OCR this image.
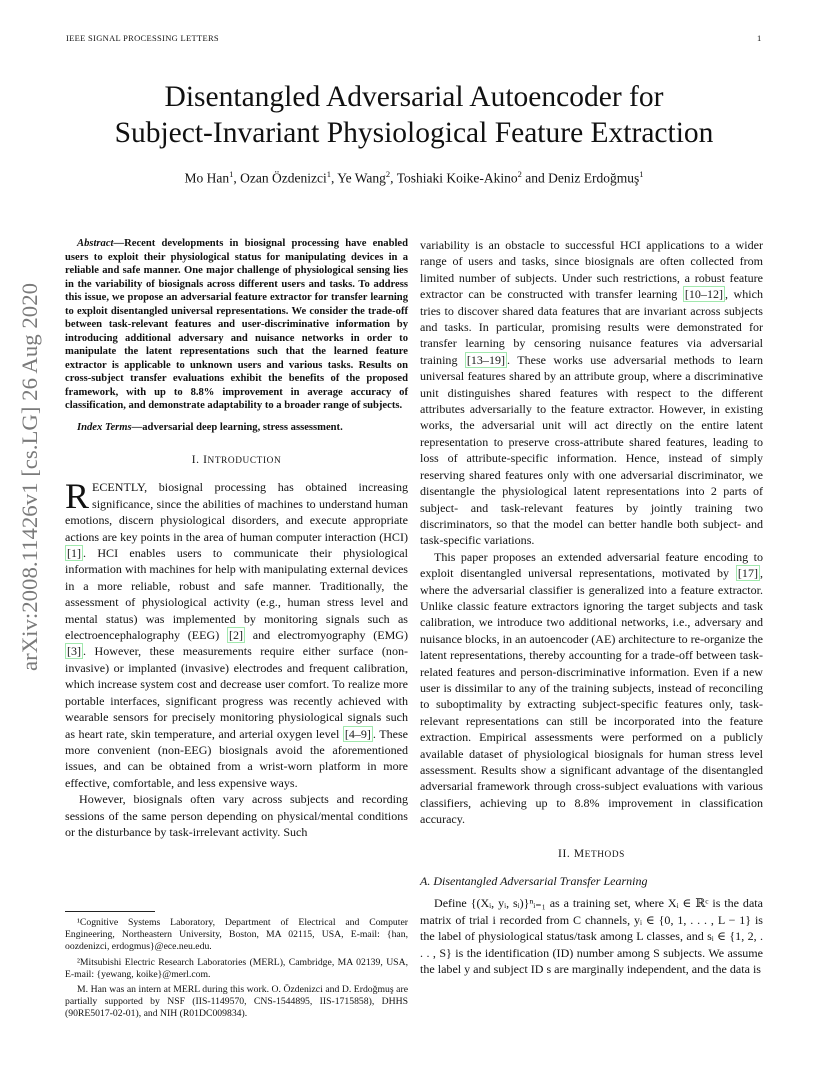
IEEE SIGNAL PROCESSING LETTERS	1
arXiv:2008.11426v1 [cs.LG] 26 Aug 2020
Disentangled Adversarial Autoencoder for
Subject-Invariant Physiological Feature Extraction
Mo Han$^1$, Ozan Özdenizci$^1$, Ye Wang$^2$, Toshiaki Koike-Akino$^2$ and Deniz Erdoğmuş$^1$

Abstract—Recent developments in biosignal processing have enabled users to exploit their physiological status for manipulating devices in a reliable and safe manner. One major challenge of physiological sensing lies in the variability of biosignals across different users and tasks. To address this issue, we propose an adversarial feature extractor for transfer learning to exploit disentangled universal representations. We consider the trade-off between task-relevant features and user-discriminative information by introducing additional adversary and nuisance networks in order to manipulate the latent representations such that the learned feature extractor is applicable to unknown users and various tasks. Results on cross-subject transfer evaluations exhibit the benefits of the proposed framework, with up to 8.8% improvement in average accuracy of classification, and demonstrate adaptability to a broader range of subjects.

Index Terms—adversarial deep learning, stress assessment.

I. INTRODUCTION

RECENTLY, biosignal processing has obtained increasing significance, since the abilities of machines to understand human emotions, discern physiological disorders, and execute appropriate actions are key points in the area of human computer interaction (HCI) [1] . HCI enables users to communicate their physiological information with machines for help with manipulating external devices in a more reliable, robust and safe manner. Traditionally, the assessment of physiological activity (e.g., human stress level and mental status) was implemented by monitoring signals such as electroencephalography (EEG) [2] and electromyography (EMG) [3] . However, these measurements require either surface (non-invasive) or implanted (invasive) electrodes and frequent calibration, which increase system cost and decrease user comfort. To realize more portable interfaces, significant progress was recently achieved with wearable sensors for precisely monitoring physiological signals such as heart rate, skin temperature, and arterial oxygen level [4–9] . These more convenient (non-EEG) biosignals avoid the aforementioned issues, and can be obtained from a wrist-worn platform in more effective, comfortable, and less expensive ways.

However, biosignals often vary across subjects and recording sessions of the same person depending on physical/mental conditions or the disturbance by task-irrelevant activity. Such

variability is an obstacle to successful HCI applications to a wider range of users and tasks, since biosignals are often collected from limited number of subjects. Under such restrictions, a robust feature extractor can be constructed with transfer learning [10–12] , which tries to discover shared data features that are invariant across subjects and tasks. In particular, promising results were demonstrated for transfer learning by censoring nuisance features via adversarial training [13–19] . These works use adversarial methods to learn universal features shared by an attribute group, where a discriminative unit distinguishes shared features with respect to the different attributes adversarially to the feature extractor. However, in existing works, the adversarial unit will act directly on the entire latent representation to preserve cross-attribute shared features, leading to loss of attribute-specific information. Hence, instead of simply reserving shared features only with one adversarial discriminator, we disentangle the physiological latent representations into 2 parts of subject- and task-relevant features by jointly training two discriminators, so that the model can better handle both subject- and task-specific variations.

This paper proposes an extended adversarial feature encoding to exploit disentangled universal representations, motivated by [17] , where the adversarial classifier is generalized into a feature extractor. Unlike classic feature extractors ignoring the target subjects and task calibration, we introduce two additional networks, i.e., adversary and nuisance blocks, in an autoencoder (AE) architecture to re-organize the latent representations, thereby accounting for a trade-off between task-related features and person-discriminative information. Even if a new user is dissimilar to any of the training subjects, instead of reconciling to suboptimality by extracting subject-specific features only, task-relevant representations can still be incorporated into the feature extraction. Empirical assessments were performed on a publicly available dataset of physiological biosignals for human stress level assessment. Results show a significant advantage of the disentangled adversarial framework through cross-subject evaluations with various classifiers, achieving up to 8.8% improvement in classification accuracy.

II. METHODS
A. Disentangled Adversarial Transfer Learning

Define {(Xᵢ, yᵢ, sᵢ)}ⁿᵢ₌₁ as a training set, where Xᵢ ∈ ℝᶜ is the data matrix of trial i recorded from C channels, yᵢ ∈ {0, 1, . . . , L − 1} is the label of physiological status/task among L classes, and sᵢ ∈ {1, 2, . . . , S} is the identification (ID) number among S subjects. We assume the label y and subject ID s are marginally independent, and the data is

¹Cognitive Systems Laboratory, Department of Electrical and Computer Engineering, Northeastern University, Boston, MA 02115, USA, E-mail: {han, oozdenizci, erdogmus}@ece.neu.edu.

²Mitsubishi Electric Research Laboratories (MERL), Cambridge, MA 02139, USA, E-mail: {yewang, koike}@merl.com.

M. Han was an intern at MERL during this work. O. Özdenizci and D. Erdoğmuş are partially supported by NSF (IIS-1149570, CNS-1544895, IIS-1715858), DHHS (90RE5017-02-01), and NIH (R01DC009834).
